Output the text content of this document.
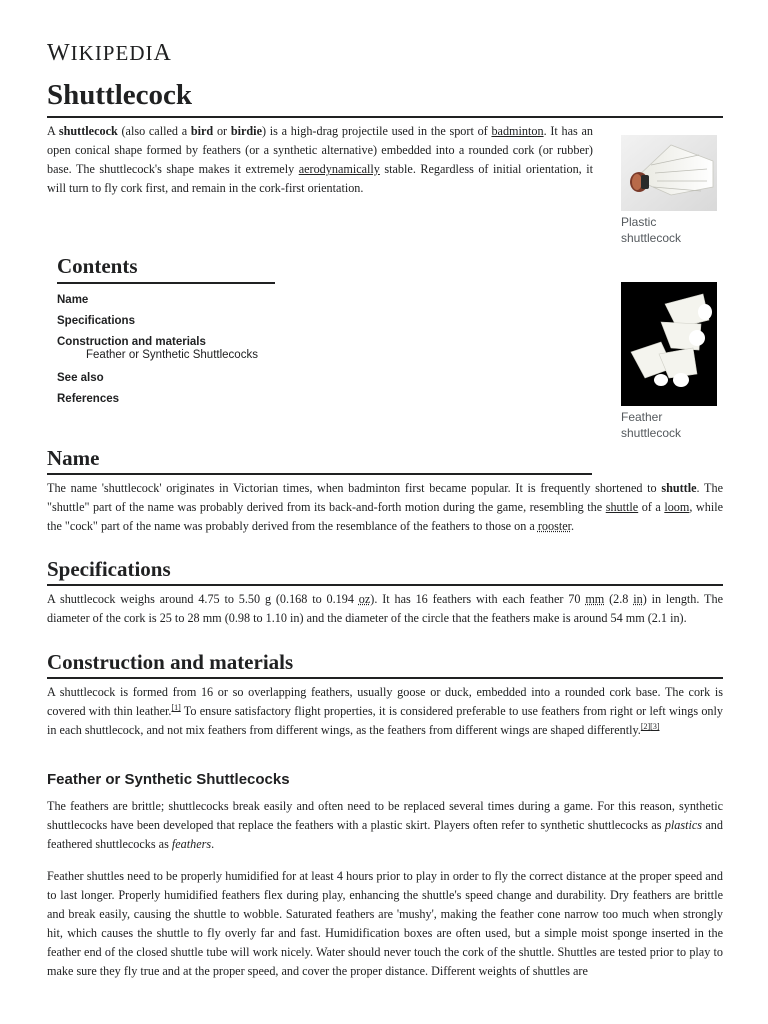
WIKIPEDIA
Shuttlecock
A shuttlecock (also called a bird or birdie) is a high-drag projectile used in the sport of badminton. It has an open conical shape formed by feathers (or a synthetic alternative) embedded into a rounded cork (or rubber) base. The shuttlecock's shape makes it extremely aerodynamically stable. Regardless of initial orientation, it will turn to fly cork first, and remain in the cork-first orientation.
Plastic shuttlecock
Feather shuttlecock
Contents
Name
Specifications
Construction and materials
Feather or Synthetic Shuttlecocks
See also
References
Name
The name 'shuttlecock' originates in Victorian times, when badminton first became popular. It is frequently shortened to shuttle. The "shuttle" part of the name was probably derived from its back-and-forth motion during the game, resembling the shuttle of a loom, while the "cock" part of the name was probably derived from the resemblance of the feathers to those on a rooster.
Specifications
A shuttlecock weighs around 4.75 to 5.50 g (0.168 to 0.194 oz). It has 16 feathers with each feather 70 mm (2.8 in) in length. The diameter of the cork is 25 to 28 mm (0.98 to 1.10 in) and the diameter of the circle that the feathers make is around 54 mm (2.1 in).
Construction and materials
A shuttlecock is formed from 16 or so overlapping feathers, usually goose or duck, embedded into a rounded cork base. The cork is covered with thin leather.[1] To ensure satisfactory flight properties, it is considered preferable to use feathers from right or left wings only in each shuttlecock, and not mix feathers from different wings, as the feathers from different wings are shaped differently.[2][3]
Feather or Synthetic Shuttlecocks
The feathers are brittle; shuttlecocks break easily and often need to be replaced several times during a game. For this reason, synthetic shuttlecocks have been developed that replace the feathers with a plastic skirt. Players often refer to synthetic shuttlecocks as plastics and feathered shuttlecocks as feathers.
Feather shuttles need to be properly humidified for at least 4 hours prior to play in order to fly the correct distance at the proper speed and to last longer. Properly humidified feathers flex during play, enhancing the shuttle's speed change and durability. Dry feathers are brittle and break easily, causing the shuttle to wobble. Saturated feathers are 'mushy', making the feather cone narrow too much when strongly hit, which causes the shuttle to fly overly far and fast. Humidification boxes are often used, but a simple moist sponge inserted in the feather end of the closed shuttle tube will work nicely. Water should never touch the cork of the shuttle. Shuttles are tested prior to play to make sure they fly true and at the proper speed, and cover the proper distance. Different weights of shuttles are
